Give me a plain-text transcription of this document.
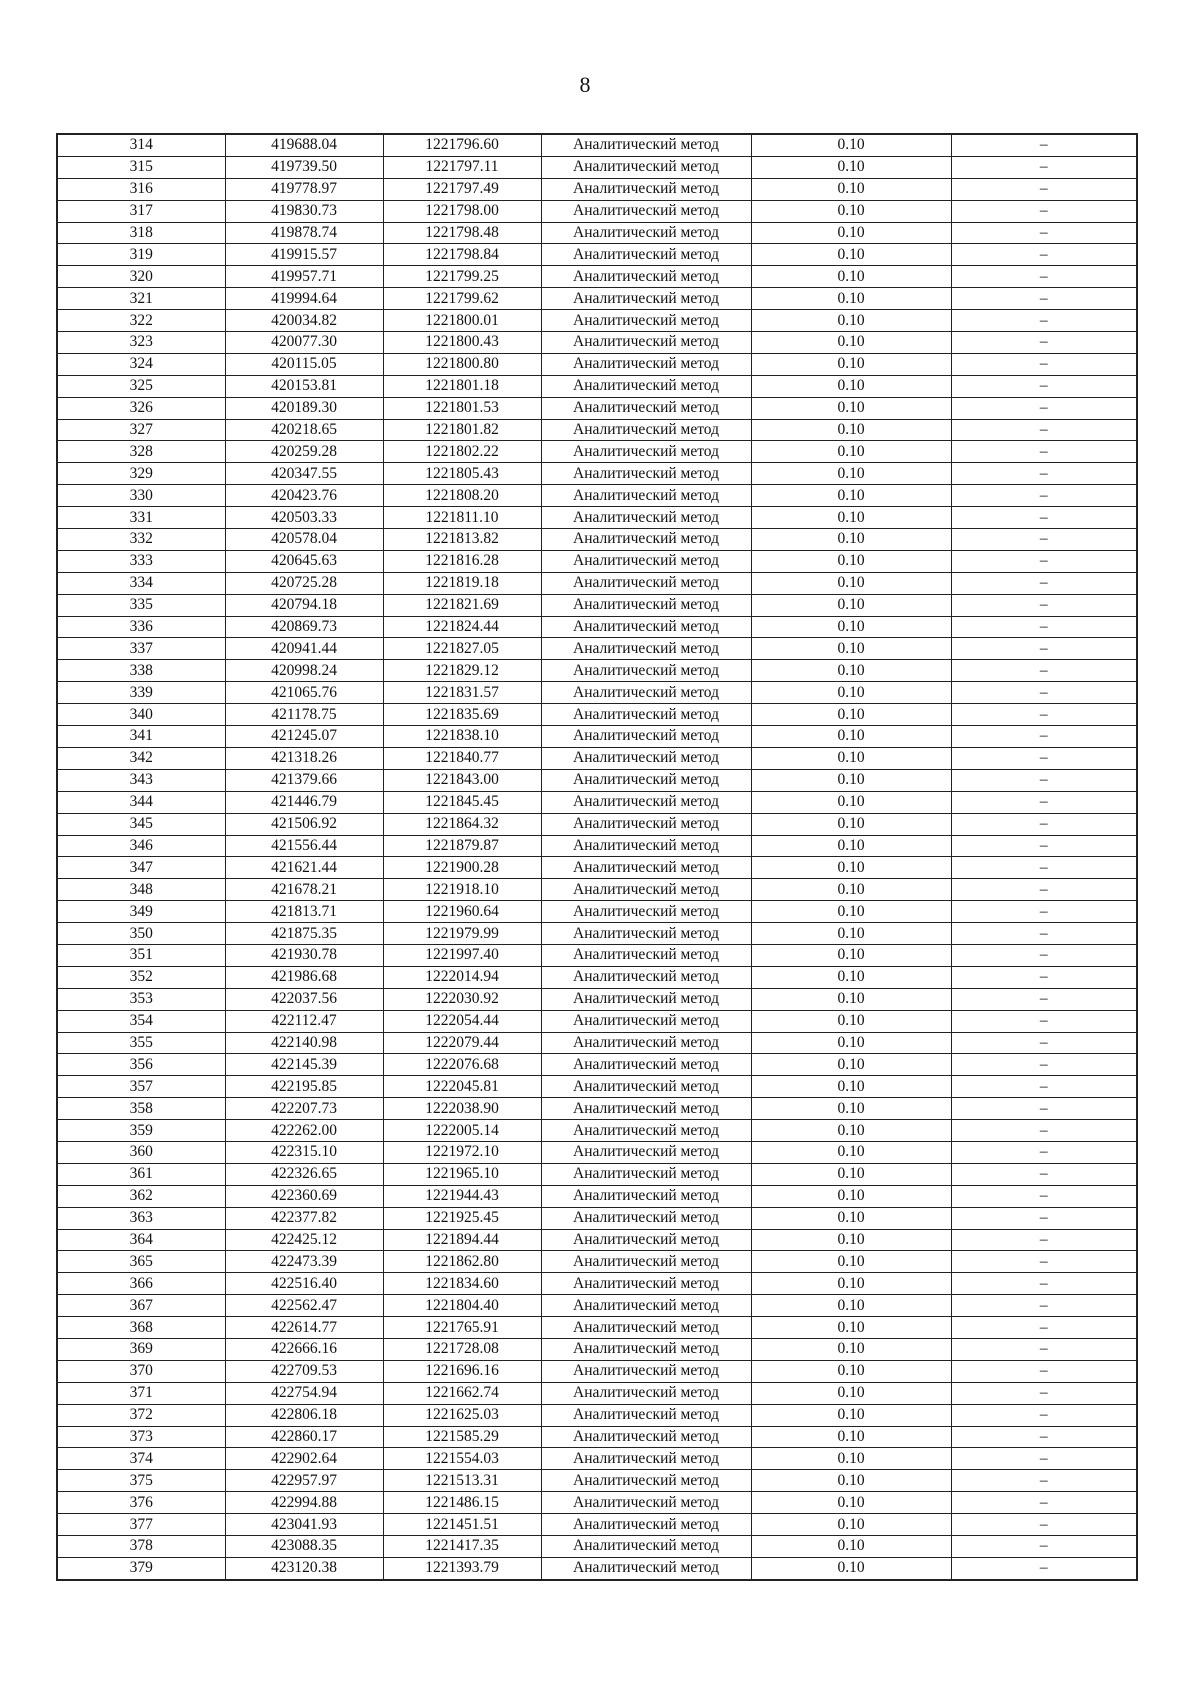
8
314	419688.04	1221796.60	Аналитический метод	0.10	–
315	419739.50	1221797.11	Аналитический метод	0.10	–
316	419778.97	1221797.49	Аналитический метод	0.10	–
317	419830.73	1221798.00	Аналитический метод	0.10	–
318	419878.74	1221798.48	Аналитический метод	0.10	–
319	419915.57	1221798.84	Аналитический метод	0.10	–
320	419957.71	1221799.25	Аналитический метод	0.10	–
321	419994.64	1221799.62	Аналитический метод	0.10	–
322	420034.82	1221800.01	Аналитический метод	0.10	–
323	420077.30	1221800.43	Аналитический метод	0.10	–
324	420115.05	1221800.80	Аналитический метод	0.10	–
325	420153.81	1221801.18	Аналитический метод	0.10	–
326	420189.30	1221801.53	Аналитический метод	0.10	–
327	420218.65	1221801.82	Аналитический метод	0.10	–
328	420259.28	1221802.22	Аналитический метод	0.10	–
329	420347.55	1221805.43	Аналитический метод	0.10	–
330	420423.76	1221808.20	Аналитический метод	0.10	–
331	420503.33	1221811.10	Аналитический метод	0.10	–
332	420578.04	1221813.82	Аналитический метод	0.10	–
333	420645.63	1221816.28	Аналитический метод	0.10	–
334	420725.28	1221819.18	Аналитический метод	0.10	–
335	420794.18	1221821.69	Аналитический метод	0.10	–
336	420869.73	1221824.44	Аналитический метод	0.10	–
337	420941.44	1221827.05	Аналитический метод	0.10	–
338	420998.24	1221829.12	Аналитический метод	0.10	–
339	421065.76	1221831.57	Аналитический метод	0.10	–
340	421178.75	1221835.69	Аналитический метод	0.10	–
341	421245.07	1221838.10	Аналитический метод	0.10	–
342	421318.26	1221840.77	Аналитический метод	0.10	–
343	421379.66	1221843.00	Аналитический метод	0.10	–
344	421446.79	1221845.45	Аналитический метод	0.10	–
345	421506.92	1221864.32	Аналитический метод	0.10	–
346	421556.44	1221879.87	Аналитический метод	0.10	–
347	421621.44	1221900.28	Аналитический метод	0.10	–
348	421678.21	1221918.10	Аналитический метод	0.10	–
349	421813.71	1221960.64	Аналитический метод	0.10	–
350	421875.35	1221979.99	Аналитический метод	0.10	–
351	421930.78	1221997.40	Аналитический метод	0.10	–
352	421986.68	1222014.94	Аналитический метод	0.10	–
353	422037.56	1222030.92	Аналитический метод	0.10	–
354	422112.47	1222054.44	Аналитический метод	0.10	–
355	422140.98	1222079.44	Аналитический метод	0.10	–
356	422145.39	1222076.68	Аналитический метод	0.10	–
357	422195.85	1222045.81	Аналитический метод	0.10	–
358	422207.73	1222038.90	Аналитический метод	0.10	–
359	422262.00	1222005.14	Аналитический метод	0.10	–
360	422315.10	1221972.10	Аналитический метод	0.10	–
361	422326.65	1221965.10	Аналитический метод	0.10	–
362	422360.69	1221944.43	Аналитический метод	0.10	–
363	422377.82	1221925.45	Аналитический метод	0.10	–
364	422425.12	1221894.44	Аналитический метод	0.10	–
365	422473.39	1221862.80	Аналитический метод	0.10	–
366	422516.40	1221834.60	Аналитический метод	0.10	–
367	422562.47	1221804.40	Аналитический метод	0.10	–
368	422614.77	1221765.91	Аналитический метод	0.10	–
369	422666.16	1221728.08	Аналитический метод	0.10	–
370	422709.53	1221696.16	Аналитический метод	0.10	–
371	422754.94	1221662.74	Аналитический метод	0.10	–
372	422806.18	1221625.03	Аналитический метод	0.10	–
373	422860.17	1221585.29	Аналитический метод	0.10	–
374	422902.64	1221554.03	Аналитический метод	0.10	–
375	422957.97	1221513.31	Аналитический метод	0.10	–
376	422994.88	1221486.15	Аналитический метод	0.10	–
377	423041.93	1221451.51	Аналитический метод	0.10	–
378	423088.35	1221417.35	Аналитический метод	0.10	–
379	423120.38	1221393.79	Аналитический метод	0.10	–
